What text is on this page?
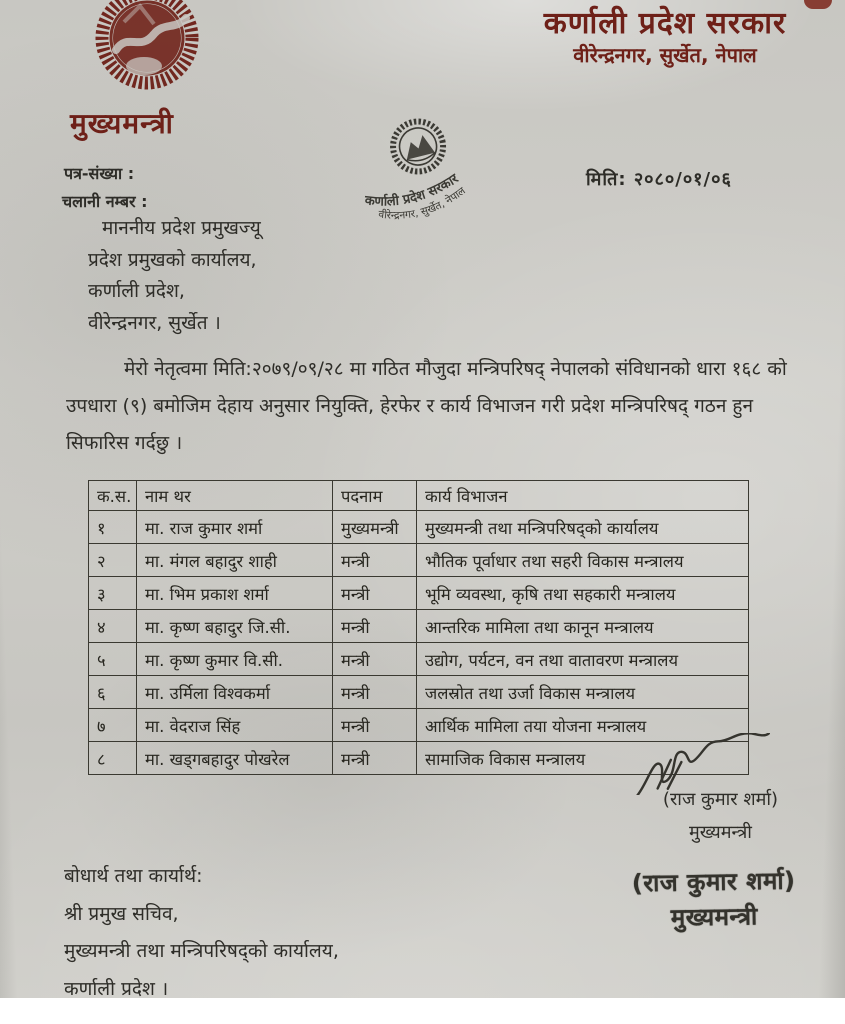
मुख्यमन्त्री
कर्णाली प्रदेश सरकार
वीरेन्द्रनगर, सुर्खेत, नेपाल
पत्र-संख्या :
चलानी नम्बर :
मिति: २०८०/०१/०६
कर्णाली प्रदेश सरकार
वीरेन्द्रनगर, सुर्खेत, नेपाल
माननीय प्रदेश प्रमुखज्यू
प्रदेश प्रमुखको कार्यालय,
कर्णाली प्रदेश,
वीरेन्द्रनगर, सुर्खेत ।
मेरो नेतृत्वमा मिति:२०७९/०९/२८ मा गठित मौजुदा मन्त्रिपरिषद् नेपालको संविधानको धारा १६८ को उपधारा (९) बमोजिम देहाय अनुसार नियुक्ति, हेरफेर र कार्य विभाजन गरी प्रदेश मन्त्रिपरिषद् गठन हुन सिफारिस गर्दछु ।
क.स.	नाम थर	पदनाम	कार्य विभाजन
१	मा. राज कुमार शर्मा	मुख्यमन्त्री	मुख्यमन्त्री तथा मन्त्रिपरिषद्को कार्यालय
२	मा. मंगल बहादुर शाही	मन्त्री	भौतिक पूर्वाधार तथा सहरी विकास मन्त्रालय
३	मा. भिम प्रकाश शर्मा	मन्त्री	भूमि व्यवस्था, कृषि तथा सहकारी मन्त्रालय
४	मा. कृष्ण बहादुर जि.सी.	मन्त्री	आन्तरिक मामिला तथा कानून मन्त्रालय
५	मा. कृष्ण कुमार वि.सी.	मन्त्री	उद्योग, पर्यटन, वन तथा वातावरण मन्त्रालय
६	मा. उर्मिला विश्वकर्मा	मन्त्री	जलस्रोत तथा उर्जा विकास मन्त्रालय
७	मा. वेदराज सिंह	मन्त्री	आर्थिक मामिला तया योजना मन्त्रालय
८	मा. खड्गबहादुर पोखरेल	मन्त्री	सामाजिक विकास मन्त्रालय
(राज कुमार शर्मा)
मुख्यमन्त्री
बोधार्थ तथा कार्यार्थ:
श्री प्रमुख सचिव,
मुख्यमन्त्री तथा मन्त्रिपरिषद्को कार्यालय,
कर्णाली प्रदेश ।
(राज कुमार शर्मा)
मुख्यमन्त्री
